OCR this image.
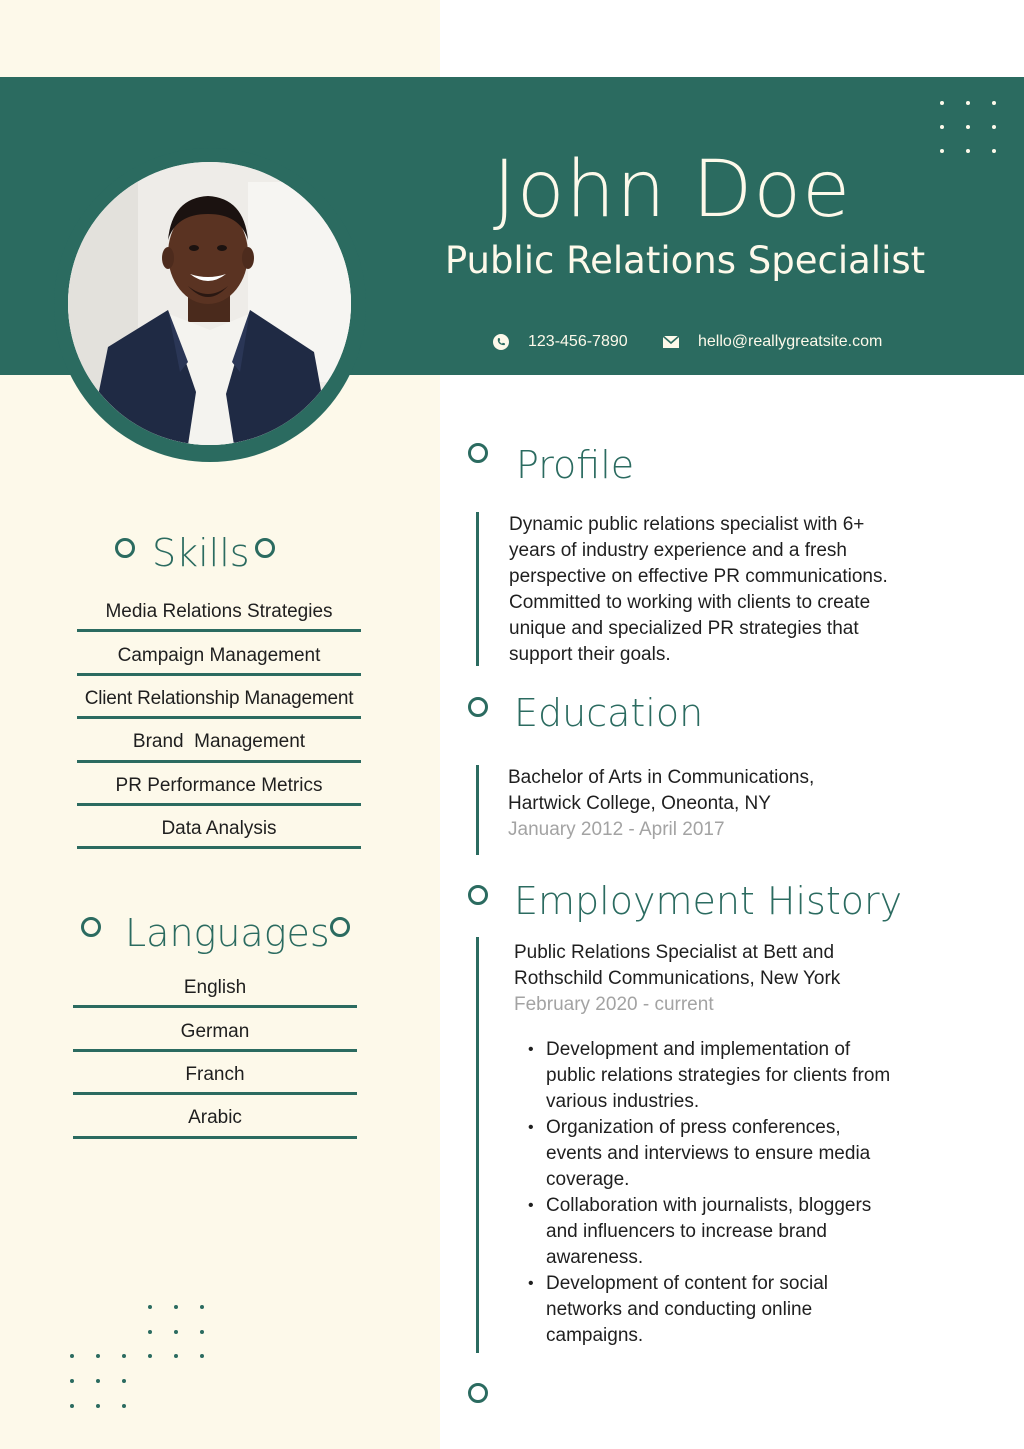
John Doe
Public Relations Specialist
123-456-7890	hello@reallygreatsite.com
Skills
Media Relations Strategies
Campaign Management
Client Relationship Management
Brand  Management
PR Performance Metrics
Data Analysis
Languages
English
German
Franch
Arabic
Profile
Dynamic public relations specialist with 6+
years of industry experience and a fresh
perspective on effective PR communications.
Committed to working with clients to create
unique and specialized PR strategies that
support their goals.
Education
Bachelor of Arts in Communications,
Hartwick College, Oneonta, NY
January 2012 - April 2017
Employment History
Public Relations Specialist at Bett and
Rothschild Communications, New York
February 2020 - current
• Development and implementation of
public relations strategies for clients from
various industries.
• Organization of press conferences,
events and interviews to ensure media
coverage.
• Collaboration with journalists, bloggers
and influencers to increase brand
awareness.
• Development of content for social
networks and conducting online
campaigns.
